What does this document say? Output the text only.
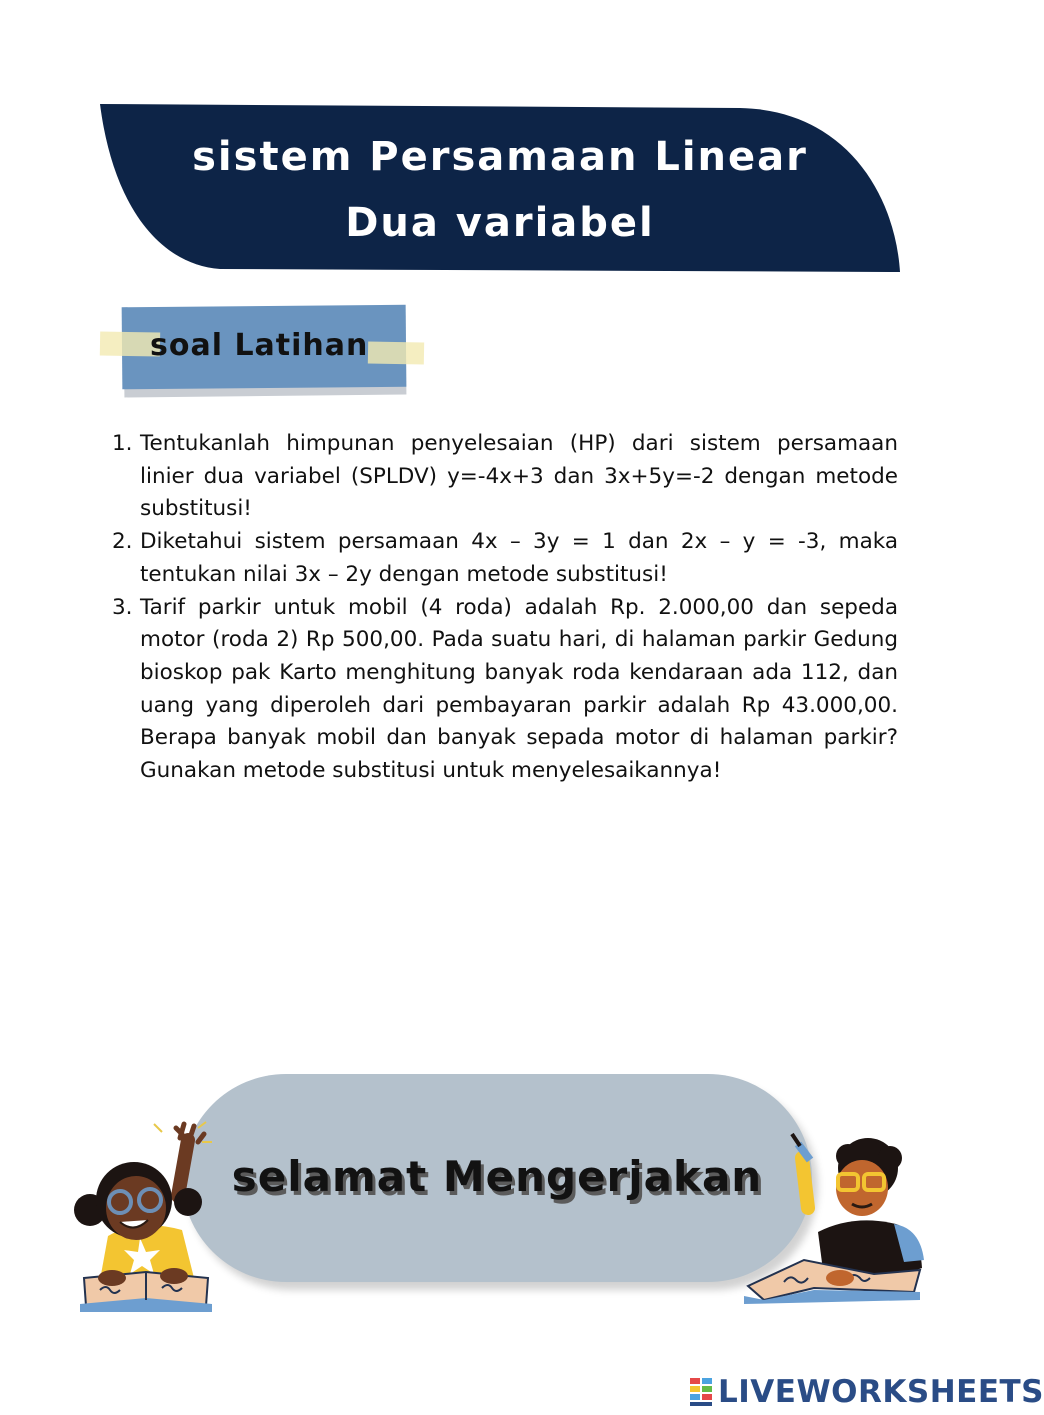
sistem Persamaan Linear
Dua variabel
soal Latihan
1. Tentukanlah himpunan penyelesaian (HP) dari sistem persamaan linier dua variabel (SPLDV) y=-4x+3 dan 3x+5y=-2 dengan metode substitusi!
2. Diketahui sistem persamaan 4x – 3y = 1 dan 2x – y = -3, maka tentukan nilai 3x – 2y dengan metode substitusi!
3. Tarif parkir untuk mobil (4 roda) adalah Rp. 2.000,00 dan sepeda motor (roda 2) Rp 500,00. Pada suatu hari, di halaman parkir Gedung bioskop pak Karto menghitung banyak roda kendaraan ada 112, dan uang yang diperoleh dari pembayaran parkir adalah Rp 43.000,00. Berapa banyak mobil dan banyak sepada motor di halaman parkir? Gunakan metode substitusi untuk menyelesaikannya!
selamat Mengerjakan
LIVEWORKSHEETS
